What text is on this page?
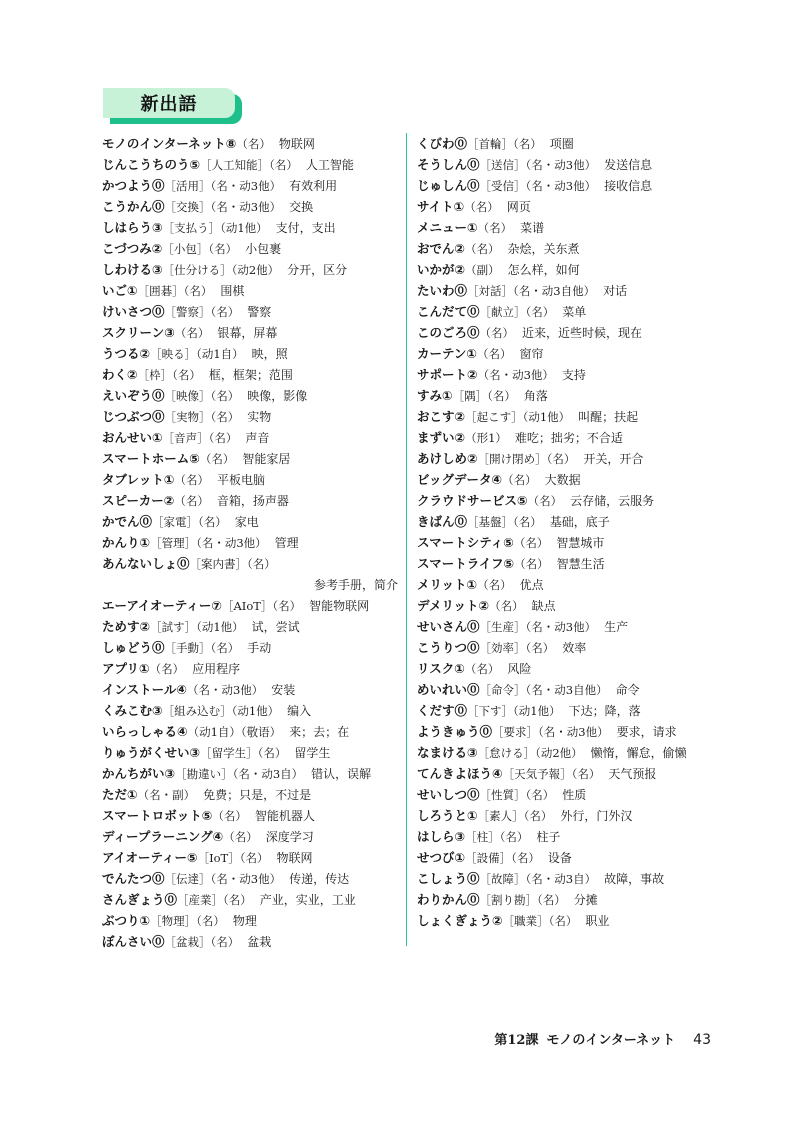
新出語
モノのインターネット⑧（名） 物联网
じんこうちのう⑤［人工知能］（名） 人工智能
かつよう⓪［活用］（名・动3他） 有效利用
こうかん⓪［交換］（名・动3他） 交换
しはらう③［支払う］（动1他） 支付，支出
こづつみ②［小包］（名） 小包裹
しわける③［仕分ける］（动2他） 分开，区分
いご①［囲碁］（名） 围棋
けいさつ⓪［警察］（名） 警察
スクリーン③（名） 银幕，屏幕
うつる②［映る］（动1自） 映，照
わく②［枠］（名） 框，框架；范围
えいぞう⓪［映像］（名） 映像，影像
じつぶつ⓪［実物］（名） 实物
おんせい①［音声］（名） 声音
スマートホーム⑤（名） 智能家居
タブレット①（名） 平板电脑
スピーカー②（名） 音箱，扬声器
かでん⓪［家電］（名） 家电
かんり①［管理］（名・动3他） 管理
あんないしょ⓪［案内書］（名）
参考手册，简介
エーアイオーティー⑦［AIoT］（名） 智能物联网
ためす②［試す］（动1他） 试，尝试
しゅどう⓪［手動］（名） 手动
アプリ①（名） 应用程序
インストール④（名・动3他） 安装
くみこむ③［組み込む］（动1他） 编入
いらっしゃる④（动1自）（敬语） 来；去；在
りゅうがくせい③［留学生］（名） 留学生
かんちがい③［勘違い］（名・动3自） 错认，误解
ただ①（名・副） 免费；只是，不过是
スマートロボット⑤（名） 智能机器人
ディープラーニング④（名） 深度学习
アイオーティー⑤［IoT］（名） 物联网
でんたつ⓪［伝達］（名・动3他） 传递，传达
さんぎょう⓪［産業］（名） 产业，实业，工业
ぶつり①［物理］（名） 物理
ぼんさい⓪［盆栽］（名） 盆栽
くびわ⓪［首輪］（名） 项圈
そうしん⓪［送信］（名・动3他） 发送信息
じゅしん⓪［受信］（名・动3他） 接收信息
サイト①（名） 网页
メニュー①（名） 菜谱
おでん②（名） 杂烩，关东煮
いかが②（副） 怎么样，如何
たいわ⓪［対話］（名・动3自他） 对话
こんだて⓪［献立］（名） 菜单
このごろ⓪（名） 近来，近些时候，现在
カーテン①（名） 窗帘
サポート②（名・动3他） 支持
すみ①［隅］（名） 角落
おこす②［起こす］（动1他） 叫醒；扶起
まずい②（形1） 难吃；拙劣；不合适
あけしめ②［開け閉め］（名） 开关，开合
ビッグデータ④（名） 大数据
クラウドサービス⑤（名） 云存储，云服务
きばん⓪［基盤］（名） 基础，底子
スマートシティ⑤（名） 智慧城市
スマートライフ⑤（名） 智慧生活
メリット①（名） 优点
デメリット②（名） 缺点
せいさん⓪［生産］（名・动3他） 生产
こうりつ⓪［効率］（名） 效率
リスク①（名） 风险
めいれい⓪［命令］（名・动3自他） 命令
くだす⓪［下す］（动1他） 下达；降，落
ようきゅう⓪［要求］（名・动3他） 要求，请求
なまける③［怠ける］（动2他） 懒惰，懈怠，偷懒
てんきよほう④［天気予報］（名） 天气预报
せいしつ⓪［性質］（名） 性质
しろうと①［素人］（名） 外行，门外汉
はしら③［柱］（名） 柱子
せつび①［設備］（名） 设备
こしょう⓪［故障］（名・动3自） 故障，事故
わりかん⓪［割り勘］（名） 分摊
しょくぎょう②［職業］（名） 职业
第12課 モノのインターネット 43
